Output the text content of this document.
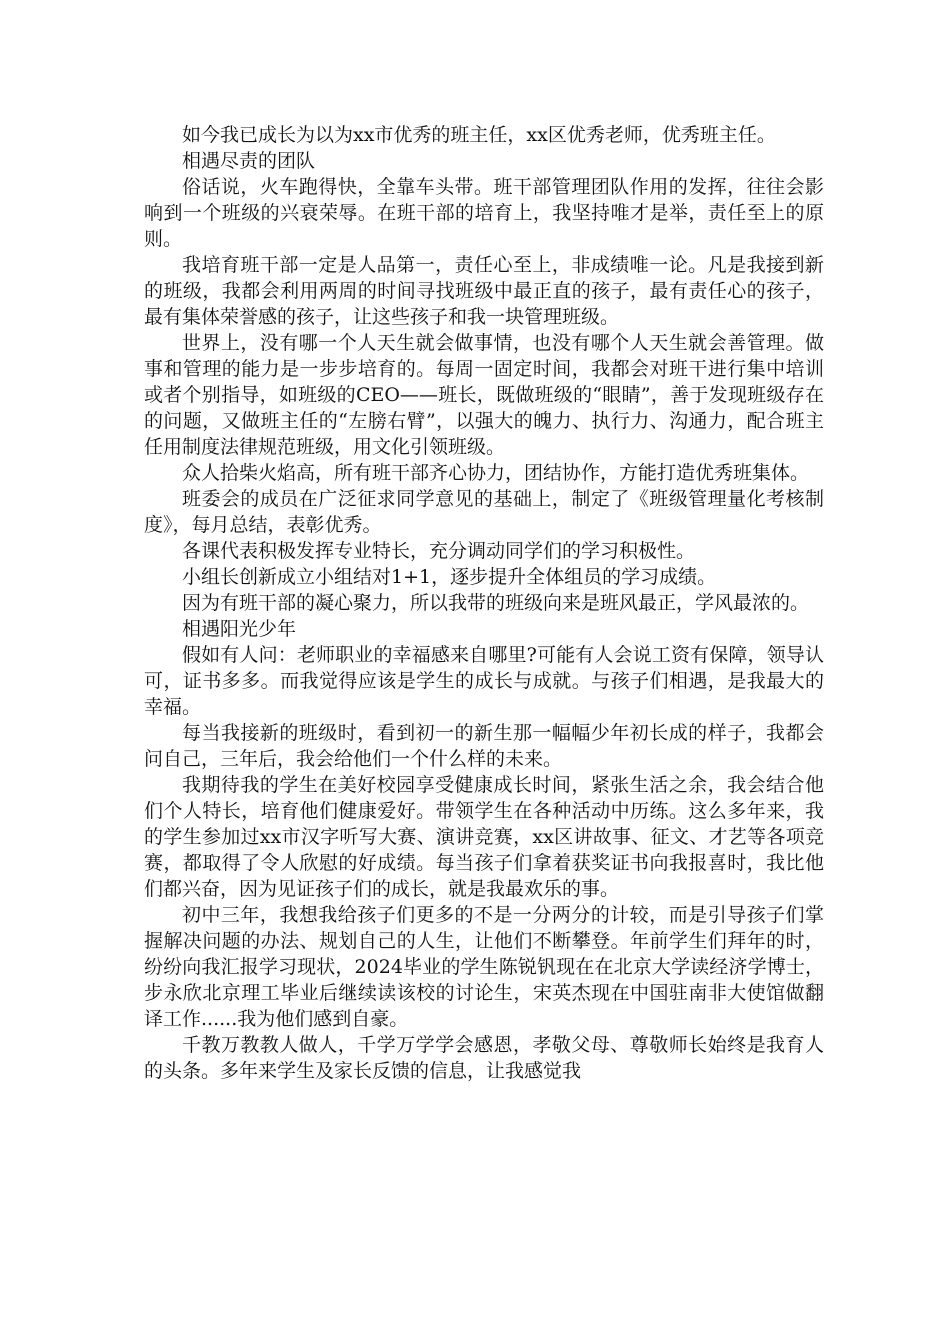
如今我已成长为以为xx市优秀的班主任，xx区优秀老师，优秀班主任。

相遇尽责的团队

俗话说，火车跑得快，全靠车头带。班干部管理团队作用的发挥，往往会影响到一个班级的兴衰荣辱。在班干部的培育上，我坚持唯才是举，责任至上的原则。

我培育班干部一定是人品第一，责任心至上，非成绩唯一论。凡是我接到新的班级，我都会利用两周的时间寻找班级中最正直的孩子，最有责任心的孩子，最有集体荣誉感的孩子，让这些孩子和我一块管理班级。

世界上，没有哪一个人天生就会做事情，也没有哪个人天生就会善管理。做事和管理的能力是一步步培育的。每周一固定时间，我都会对班干进行集中培训或者个别指导，如班级的CEO——班长，既做班级的“眼睛”，善于发现班级存在的问题，又做班主任的“左膀右臂”，以强大的魄力、执行力、沟通力，配合班主任用制度法律规范班级，用文化引领班级。

众人拾柴火焰高，所有班干部齐心协力，团结协作，方能打造优秀班集体。

班委会的成员在广泛征求同学意见的基础上，制定了《班级管理量化考核制度》，每月总结，表彰优秀。

各课代表积极发挥专业特长，充分调动同学们的学习积极性。

小组长创新成立小组结对1+1，逐步提升全体组员的学习成绩。

因为有班干部的凝心聚力，所以我带的班级向来是班风最正，学风最浓的。

相遇阳光少年

假如有人问：老师职业的幸福感来自哪里?可能有人会说工资有保障，领导认可，证书多多。而我觉得应该是学生的成长与成就。与孩子们相遇，是我最大的幸福。

每当我接新的班级时，看到初一的新生那一幅幅少年初长成的样子，我都会问自己，三年后，我会给他们一个什么样的未来。

我期待我的学生在美好校园享受健康成长时间，紧张生活之余，我会结合他们个人特长，培育他们健康爱好。带领学生在各种活动中历练。这么多年来，我的学生参加过xx市汉字听写大赛、演讲竞赛，xx区讲故事、征文、才艺等各项竞赛，都取得了令人欣慰的好成绩。每当孩子们拿着获奖证书向我报喜时，我比他们都兴奋，因为见证孩子们的成长，就是我最欢乐的事。

初中三年，我想我给孩子们更多的不是一分两分的计较，而是引导孩子们掌握解决问题的办法、规划自己的人生，让他们不断攀登。年前学生们拜年的时，纷纷向我汇报学习现状，2024毕业的学生陈锐钒现在在北京大学读经济学博士，步永欣北京理工毕业后继续读该校的讨论生，宋英杰现在中国驻南非大使馆做翻译工作......我为他们感到自豪。

千教万教教人做人，千学万学学会感恩，孝敬父母、尊敬师长始终是我育人的头条。多年来学生及家长反馈的信息，让我感觉我
